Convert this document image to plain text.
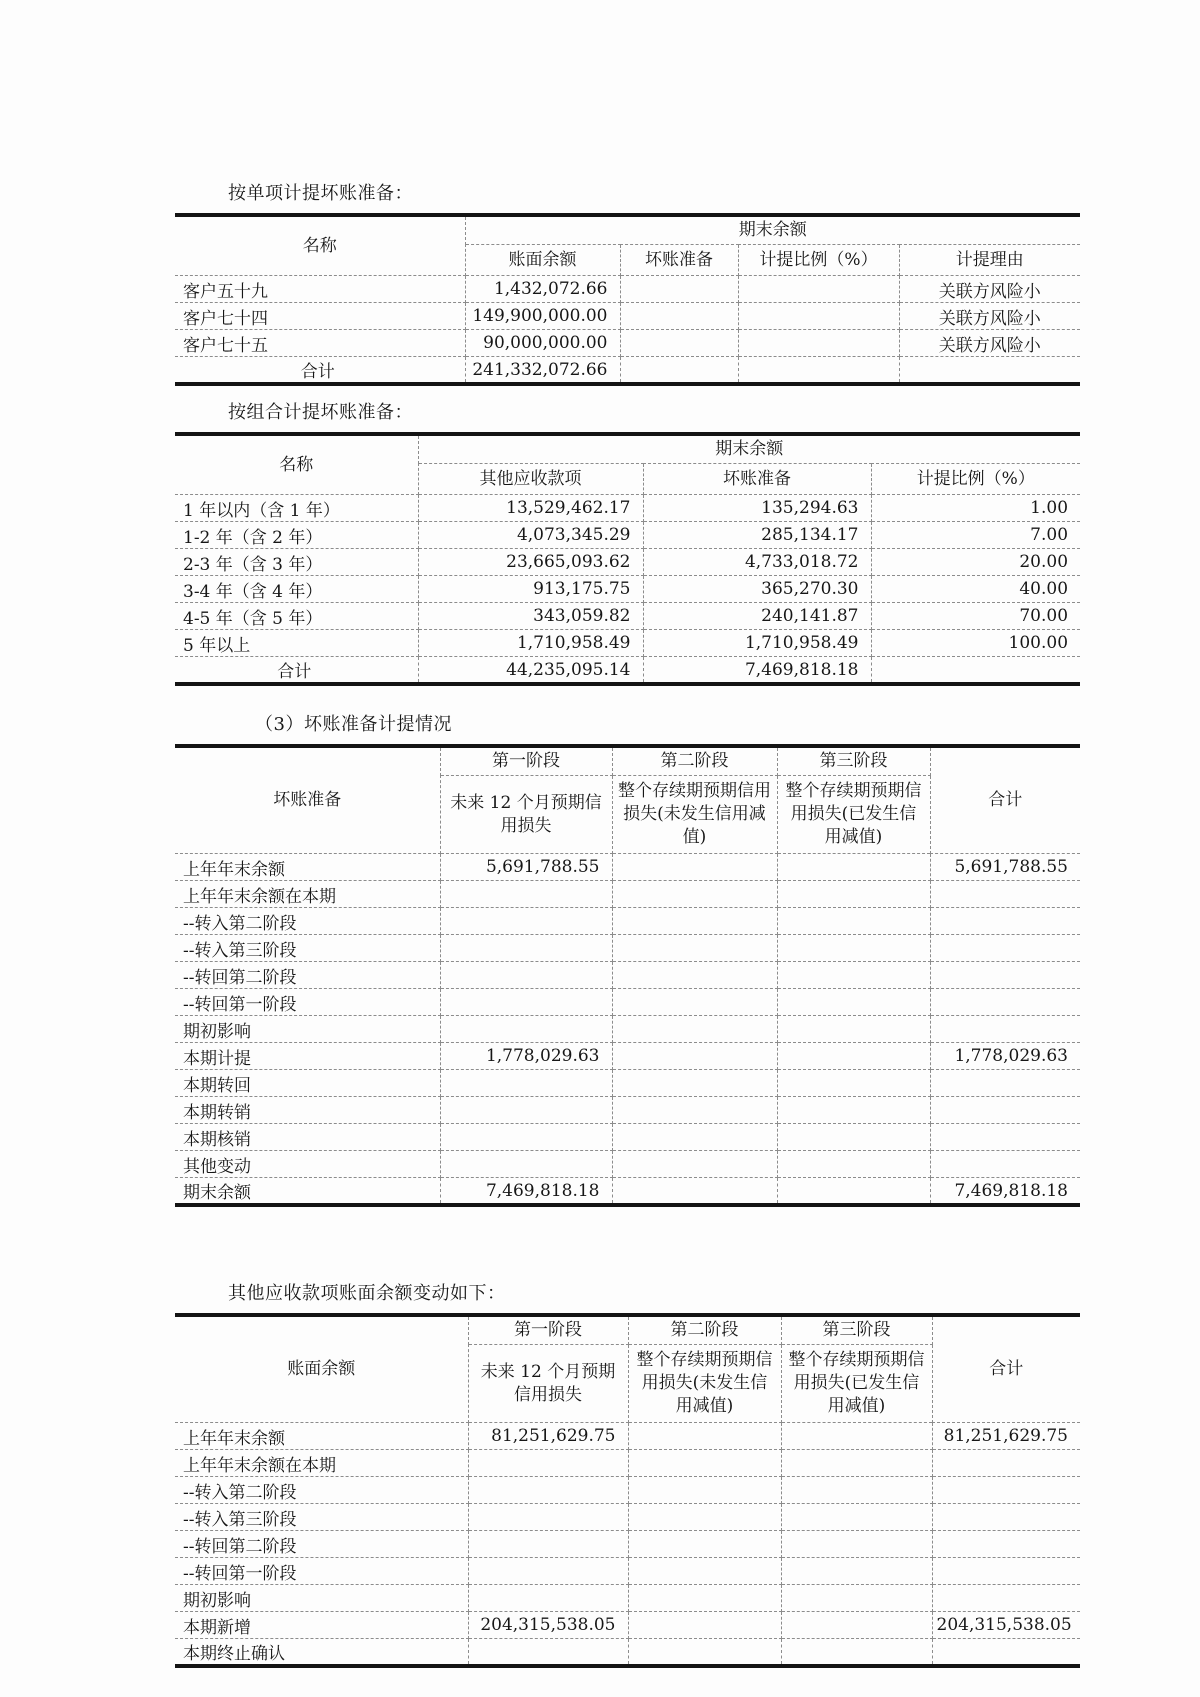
按单项计提坏账准备：
名称	期末余额			
	账面余额	坏账准备	计提比例（%）	计提理由
客户五十九	1,432,072.66			关联方风险小
客户七十四	149,900,000.00			关联方风险小
客户七十五	90,000,000.00			关联方风险小
合计	241,332,072.66			
按组合计提坏账准备：
名称	期末余额		
	其他应收款项	坏账准备	计提比例（%）
1 年以内（含 1 年）	13,529,462.17	135,294.63	1.00
1-2 年（含 2 年）	4,073,345.29	285,134.17	7.00
2-3 年（含 3 年）	23,665,093.62	4,733,018.72	20.00
3-4 年（含 4 年）	913,175.75	365,270.30	40.00
4-5 年（含 5 年）	343,059.82	240,141.87	70.00
5 年以上	1,710,958.49	1,710,958.49	100.00
合计	44,235,095.14	7,469,818.18	
（3）坏账准备计提情况
坏账准备	第一阶段	第二阶段	第三阶段	合计
	未来 12 个月预期信用损失	整个存续期预期信用损失(未发生信用减值)	整个存续期预期信用损失(已发生信用减值)	
上年年末余额	5,691,788.55			5,691,788.55
上年年末余额在本期				
--转入第二阶段				
--转入第三阶段				
--转回第二阶段				
--转回第一阶段				
期初影响				
本期计提	1,778,029.63			1,778,029.63
本期转回				
本期转销				
本期核销				
其他变动				
期末余额	7,469,818.18			7,469,818.18
其他应收款项账面余额变动如下：
账面余额	第一阶段	第二阶段	第三阶段	合计
	未来 12 个月预期信用损失	整个存续期预期信用损失(未发生信用减值)	整个存续期预期信用损失(已发生信用减值)	
上年年末余额	81,251,629.75			81,251,629.75
上年年末余额在本期				
--转入第二阶段				
--转入第三阶段				
--转回第二阶段				
--转回第一阶段				
期初影响				
本期新增	204,315,538.05			204,315,538.05
本期终止确认				
